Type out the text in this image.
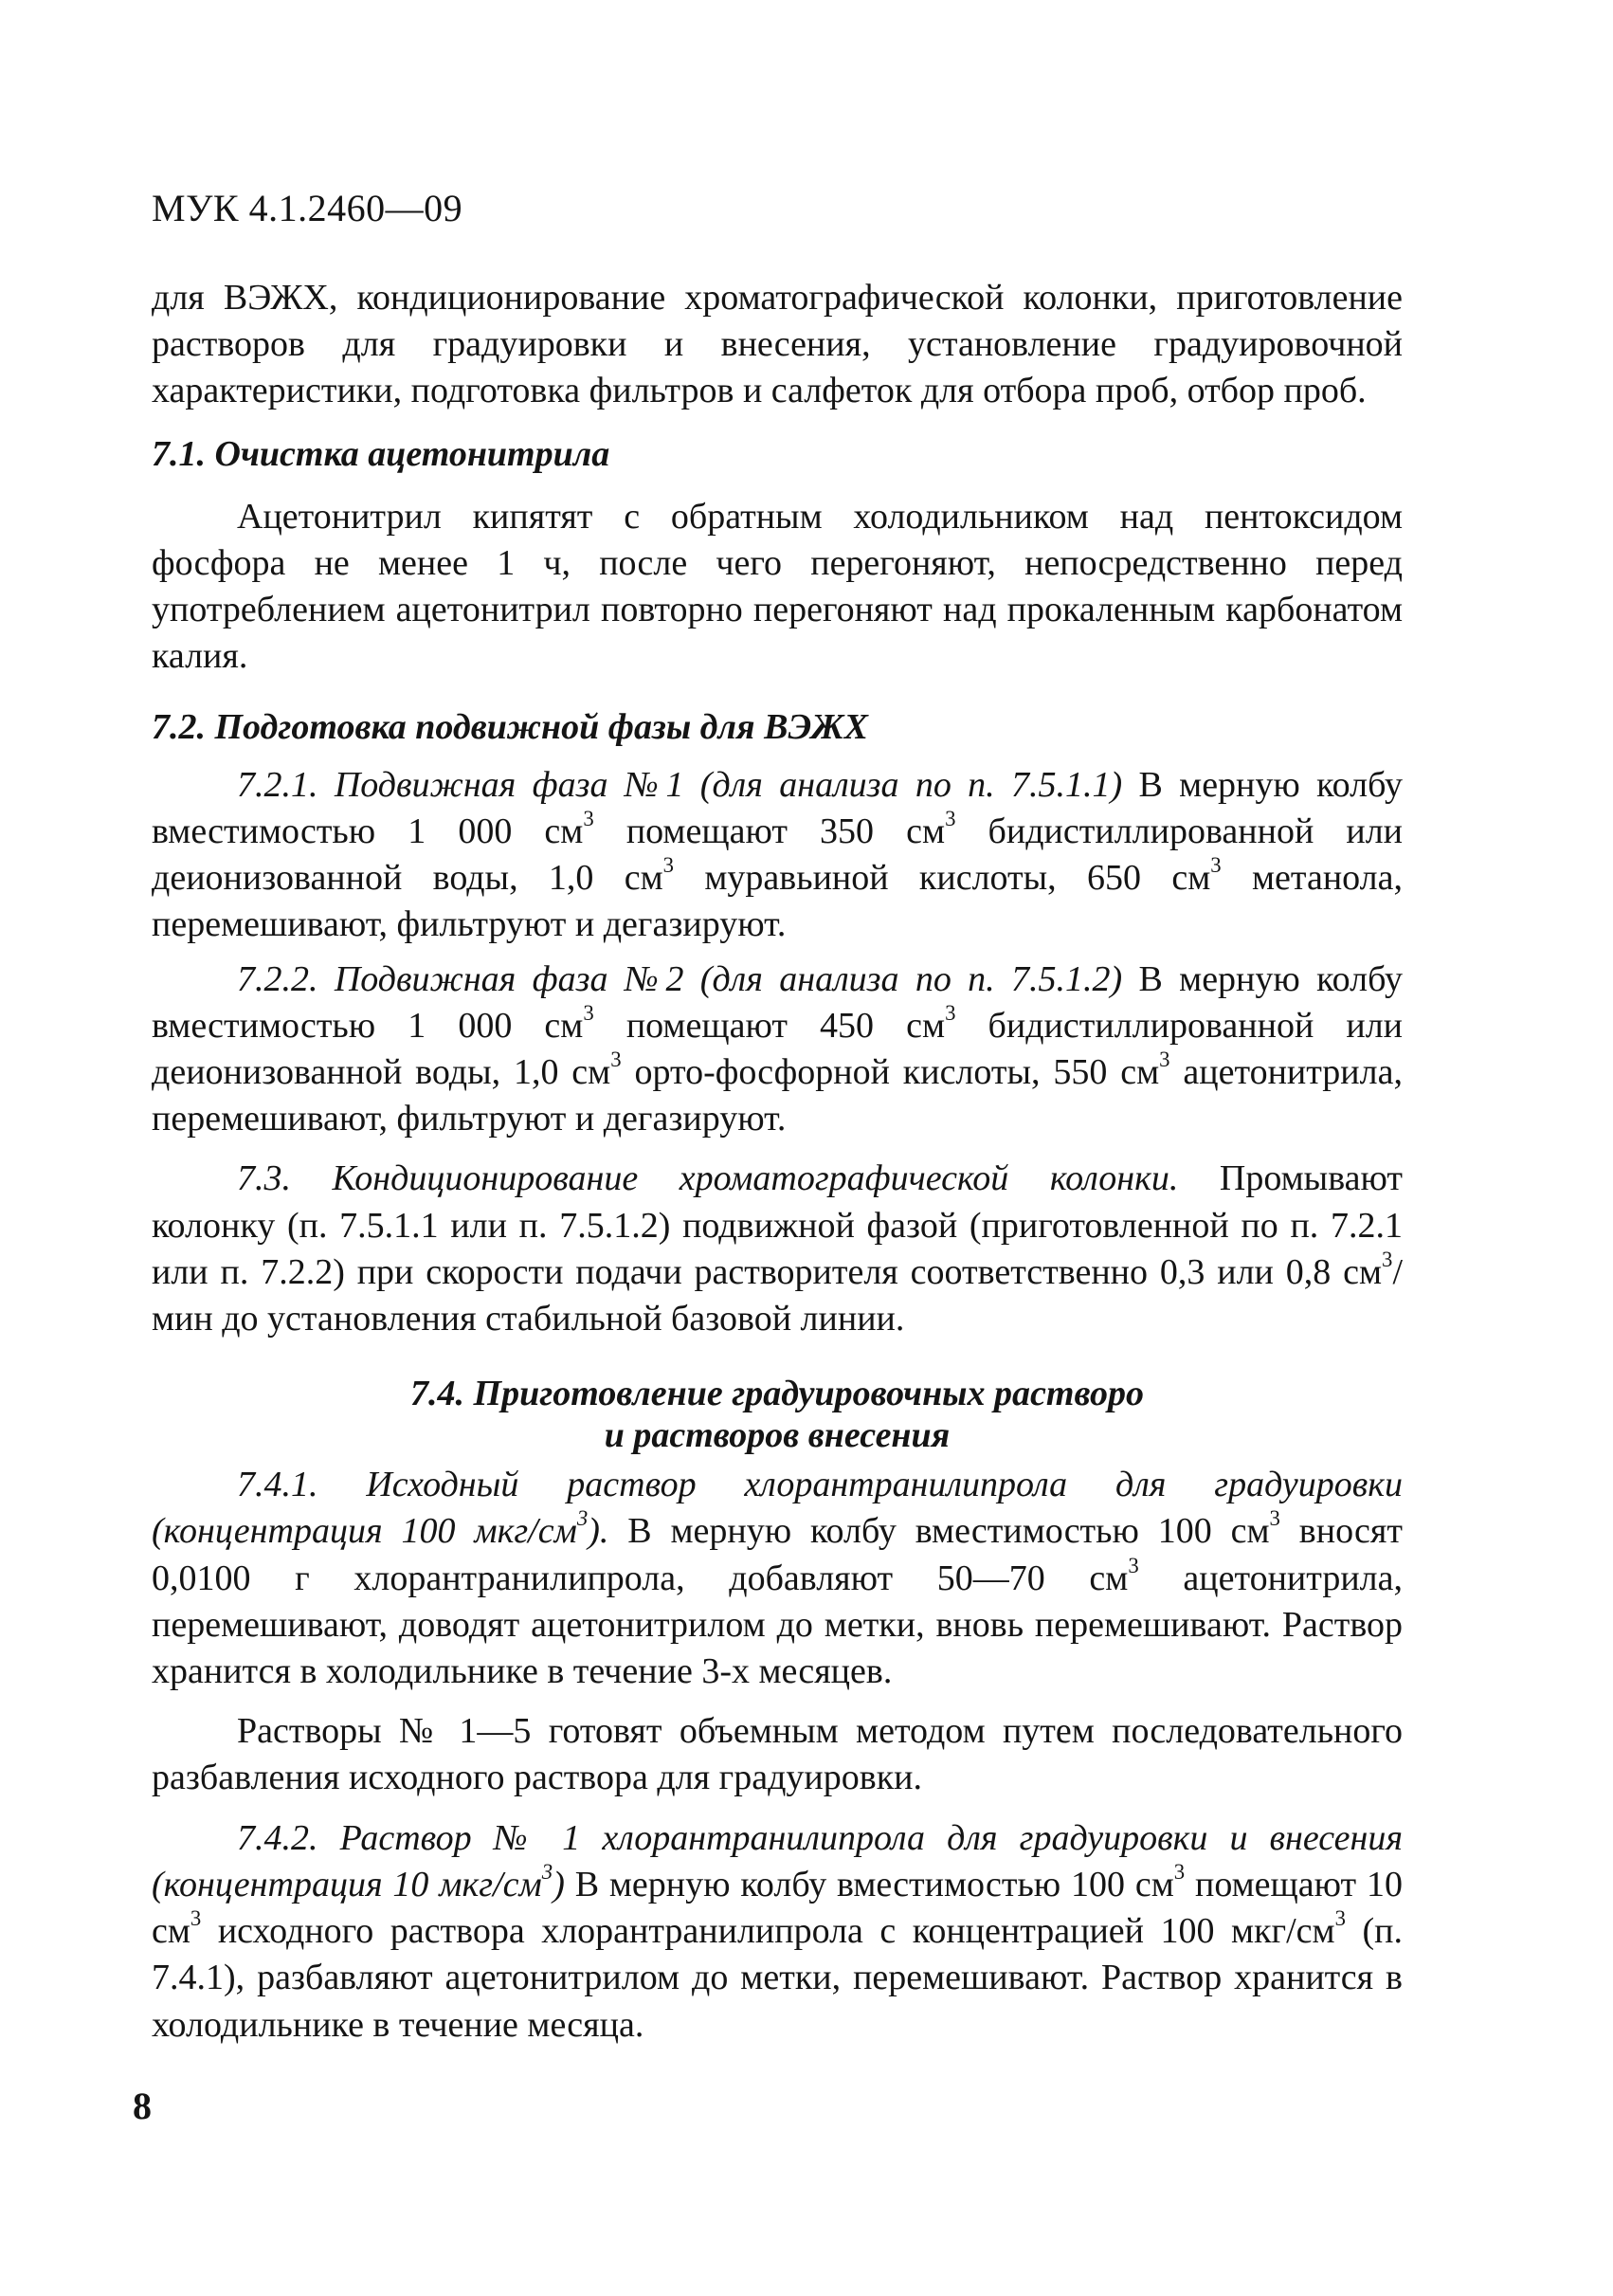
МУК 4.1.2460—09

для ВЭЖХ, кондиционирование хроматографической колонки, приготовление растворов для градуировки и внесения, установление градуировочной характеристики, подготовка фильтров и салфеток для отбора проб, отбор проб.

7.1. Очистка ацетонитрила

Ацетонитрил кипятят с обратным холодильником над пентоксидом фосфора не менее 1 ч, после чего перегоняют, непосредственно перед употреблением ацетонитрил повторно перегоняют над прокаленным карбонатом калия.

7.2. Подготовка подвижной фазы для ВЭЖХ

7.2.1. Подвижная фаза №1 (для анализа по п. 7.5.1.1) В мерную колбу вместимостью 1 000 $см^3$ помещают 350 $см^3$ бидистиллированной или деионизованной воды, 1,0 $см^3$ муравьиной кислоты, 650 $см^3$ метанола, перемешивают, фильтруют и дегазируют.

7.2.2. Подвижная фаза №2 (для анализа по п. 7.5.1.2) В мерную колбу вместимостью 1 000 $см^3$ помещают 450 $см^3$ бидистиллированной или деионизованной воды, 1,0 $см^3$ орто-фосфорной кислоты, 550 $см^3$ ацетонитрила, перемешивают, фильтруют и дегазируют.

7.3. Кондиционирование хроматографической колонки. Промывают колонку (п. 7.5.1.1 или п. 7.5.1.2) подвижной фазой (приготовленной по п. 7.2.1 или п. 7.2.2) при скорости подачи растворителя соответственно 0,3 или 0,8 $см^3$/мин до установления стабильной базовой линии.

7.4. Приготовление градуировочных растворо
и растворов внесения

7.4.1. Исходный раствор хлорантранилипрола для градуировки (концентрация 100 мкг/$см^3$). В мерную колбу вместимостью 100 $см^3$ вносят 0,0100 г хлорантранилипрола, добавляют 50—70 $см^3$ ацетонитрила, перемешивают, доводят ацетонитрилом до метки, вновь перемешивают. Раствор хранится в холодильнике в течение 3-х месяцев.

Растворы № 1—5 готовят объемным методом путем последовательного разбавления исходного раствора для градуировки.

7.4.2. Раствор № 1 хлорантранилипрола для градуировки и внесения (концентрация 10 мкг/$см^3$) В мерную колбу вместимостью 100 $см^3$ помещают 10 $см^3$ исходного раствора хлорантранилипрола с концентрацией 100 мкг/$см^3$ (п. 7.4.1), разбавляют ацетонитрилом до метки, перемешивают. Раствор хранится в холодильнике в течение месяца.

8
